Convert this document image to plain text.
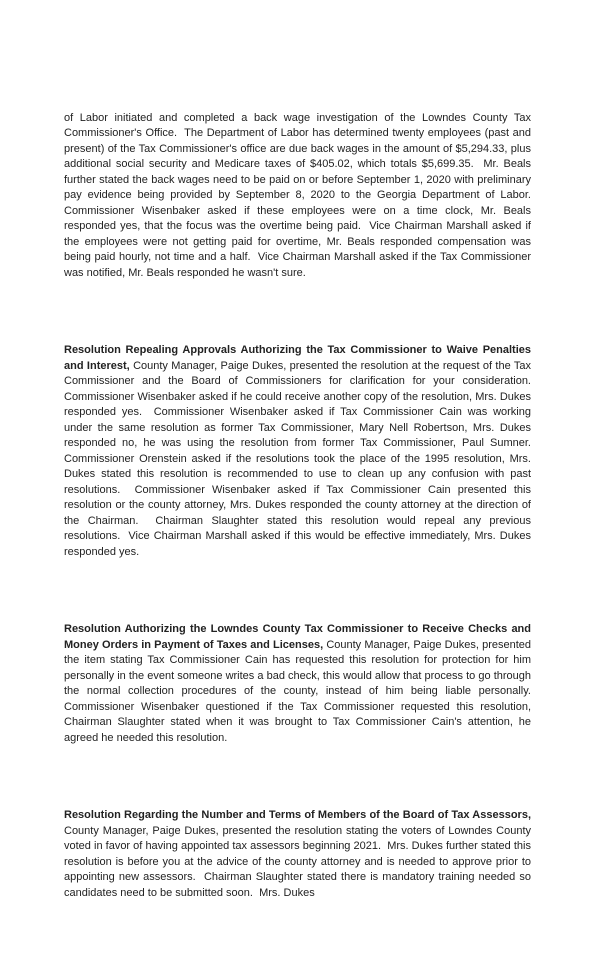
of Labor initiated and completed a back wage investigation of the Lowndes County Tax Commissioner's Office.  The Department of Labor has determined twenty employees (past and present) of the Tax Commissioner's office are due back wages in the amount of $5,294.33, plus additional social security and Medicare taxes of $405.02, which totals $5,699.35.  Mr. Beals further stated the back wages need to be paid on or before September 1, 2020 with preliminary pay evidence being provided by September 8, 2020 to the Georgia Department of Labor.  Commissioner Wisenbaker asked if these employees were on a time clock, Mr. Beals responded yes, that the focus was the overtime being paid.  Vice Chairman Marshall asked if the employees were not getting paid for overtime, Mr. Beals responded compensation was being paid hourly, not time and a half.  Vice Chairman Marshall asked if the Tax Commissioner was notified, Mr. Beals responded he wasn't sure.

Resolution Repealing Approvals Authorizing the Tax Commissioner to Waive Penalties and Interest, County Manager, Paige Dukes, presented the resolution at the request of the Tax Commissioner and the Board of Commissioners for clarification for your consideration.  Commissioner Wisenbaker asked if he could receive another copy of the resolution, Mrs. Dukes responded yes.  Commissioner Wisenbaker asked if Tax Commissioner Cain was working under the same resolution as former Tax Commissioner, Mary Nell Robertson, Mrs. Dukes responded no, he was using the resolution from former Tax Commissioner, Paul Sumner.  Commissioner Orenstein asked if the resolutions took the place of the 1995 resolution, Mrs. Dukes stated this resolution is recommended to use to clean up any confusion with past resolutions.  Commissioner Wisenbaker asked if Tax Commissioner Cain presented this resolution or the county attorney, Mrs. Dukes responded the county attorney at the direction of the Chairman.  Chairman Slaughter stated this resolution would repeal any previous resolutions.  Vice Chairman Marshall asked if this would be effective immediately, Mrs. Dukes responded yes.

Resolution Authorizing the Lowndes County Tax Commissioner to Receive Checks and Money Orders in Payment of Taxes and Licenses, County Manager, Paige Dukes, presented the item stating Tax Commissioner Cain has requested this resolution for protection for him personally in the event someone writes a bad check, this would allow that process to go through the normal collection procedures of the county, instead of him being liable personally.  Commissioner Wisenbaker questioned if the Tax Commissioner requested this resolution, Chairman Slaughter stated when it was brought to Tax Commissioner Cain's attention, he agreed he needed this resolution.

Resolution Regarding the Number and Terms of Members of the Board of Tax Assessors, County Manager, Paige Dukes, presented the resolution stating the voters of Lowndes County voted in favor of having appointed tax assessors beginning 2021.  Mrs. Dukes further stated this resolution is before you at the advice of the county attorney and is needed to approve prior to appointing new assessors.  Chairman Slaughter stated there is mandatory training needed so candidates need to be submitted soon.  Mrs. Dukes
